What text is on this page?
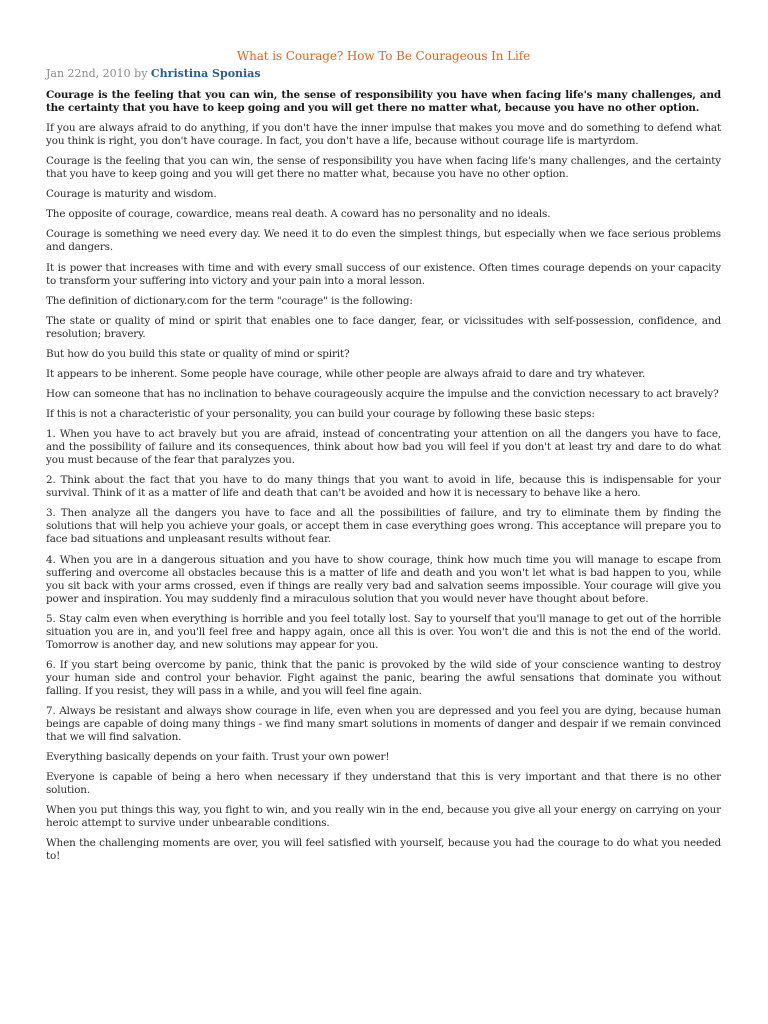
What is Courage? How To Be Courageous In Life
Jan 22nd, 2010 by Christina Sponias

Courage is the feeling that you can win, the sense of responsibility you have when facing life's many challenges, and the certainty that you have to keep going and you will get there no matter what, because you have no other option.

If you are always afraid to do anything, if you don't have the inner impulse that makes you move and do something to defend what you think is right, you don't have courage. In fact, you don't have a life, because without courage life is martyrdom.

Courage is the feeling that you can win, the sense of responsibility you have when facing life's many challenges, and the certainty that you have to keep going and you will get there no matter what, because you have no other option.

Courage is maturity and wisdom.

The opposite of courage, cowardice, means real death. A coward has no personality and no ideals.

Courage is something we need every day. We need it to do even the simplest things, but especially when we face serious problems and dangers.

It is power that increases with time and with every small success of our existence. Often times courage depends on your capacity to transform your suffering into victory and your pain into a moral lesson.

The definition of dictionary.com for the term "courage" is the following:

The state or quality of mind or spirit that enables one to face danger, fear, or vicissitudes with self-possession, confidence, and resolution; bravery.

But how do you build this state or quality of mind or spirit?

It appears to be inherent. Some people have courage, while other people are always afraid to dare and try whatever.

How can someone that has no inclination to behave courageously acquire the impulse and the conviction necessary to act bravely?

If this is not a characteristic of your personality, you can build your courage by following these basic steps:

1. When you have to act bravely but you are afraid, instead of concentrating your attention on all the dangers you have to face, and the possibility of failure and its consequences, think about how bad you will feel if you don't at least try and dare to do what you must because of the fear that paralyzes you.

2. Think about the fact that you have to do many things that you want to avoid in life, because this is indispensable for your survival. Think of it as a matter of life and death that can't be avoided and how it is necessary to behave like a hero.

3. Then analyze all the dangers you have to face and all the possibilities of failure, and try to eliminate them by finding the solutions that will help you achieve your goals, or accept them in case everything goes wrong. This acceptance will prepare you to face bad situations and unpleasant results without fear.

4. When you are in a dangerous situation and you have to show courage, think how much time you will manage to escape from suffering and overcome all obstacles because this is a matter of life and death and you won't let what is bad happen to you, while you sit back with your arms crossed, even if things are really very bad and salvation seems impossible. Your courage will give you power and inspiration. You may suddenly find a miraculous solution that you would never have thought about before.

5. Stay calm even when everything is horrible and you feel totally lost. Say to yourself that you'll manage to get out of the horrible situation you are in, and you'll feel free and happy again, once all this is over. You won't die and this is not the end of the world. Tomorrow is another day, and new solutions may appear for you.

6. If you start being overcome by panic, think that the panic is provoked by the wild side of your conscience wanting to destroy your human side and control your behavior. Fight against the panic, bearing the awful sensations that dominate you without falling. If you resist, they will pass in a while, and you will feel fine again.

7. Always be resistant and always show courage in life, even when you are depressed and you feel you are dying, because human beings are capable of doing many things - we find many smart solutions in moments of danger and despair if we remain convinced that we will find salvation.

Everything basically depends on your faith. Trust your own power!

Everyone is capable of being a hero when necessary if they understand that this is very important and that there is no other solution.

When you put things this way, you fight to win, and you really win in the end, because you give all your energy on carrying on your heroic attempt to survive under unbearable conditions.

When the challenging moments are over, you will feel satisfied with yourself, because you had the courage to do what you needed to!
